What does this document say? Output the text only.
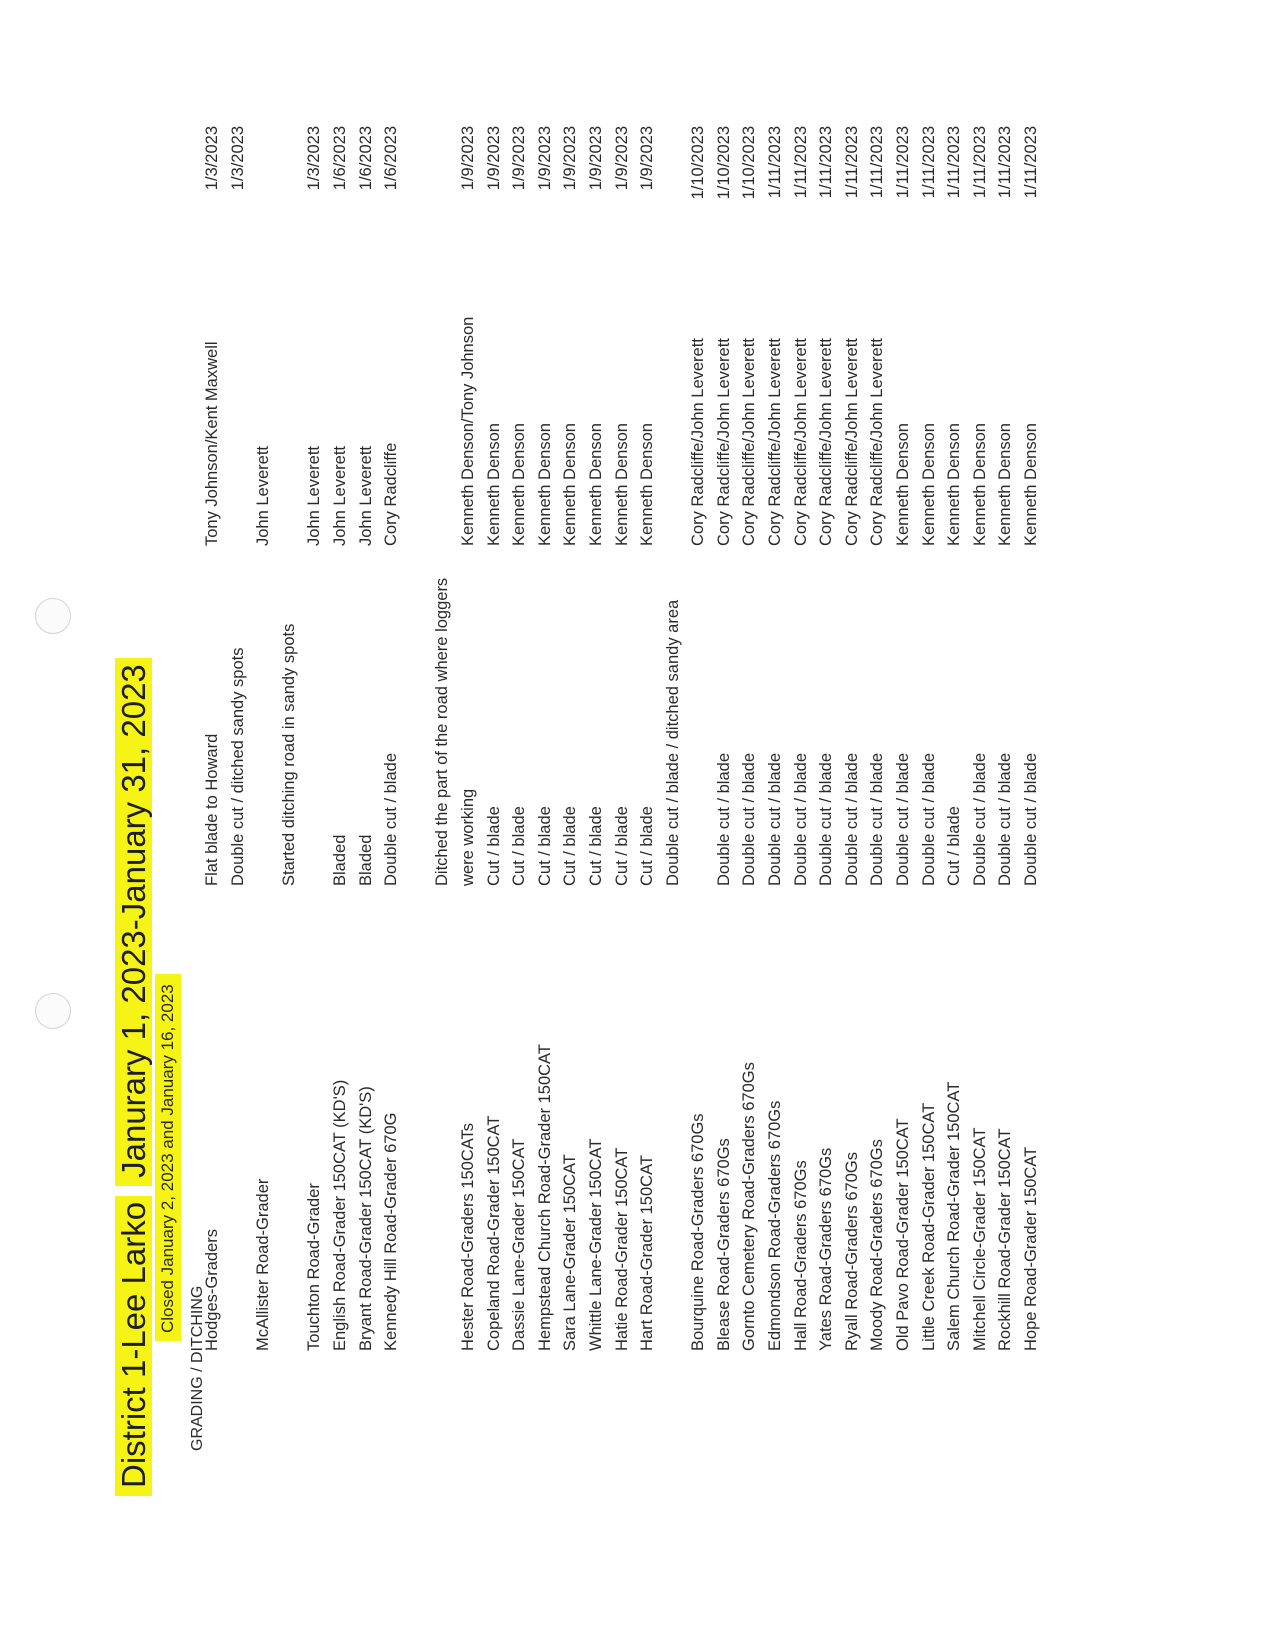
District 1-Lee LarkoJanurary 1, 2023-January 31, 2023 Closed January 2, 2023 and January 16, 2023
GRADING / DITCHING
Hodges-Graders
Flat blade to Howard
Tony Johnson/Kent Maxwell
1/3/2023
McAllister Road-Grader
Double cut / ditched sandy spots
John Leverett
1/3/2023
Touchton Road-Grader
Started ditching road in sandy spots
John Leverett
1/3/2023
English Road-Grader 150CAT (KD'S)
Bladed
John Leverett
1/6/2023
Bryant Road-Grader 150CAT (KD'S)
Bladed
John Leverett
1/6/2023
Kennedy Hill Road-Grader 670G
Double cut / blade
Cory Radcliffe
1/6/2023
Hester Road-Graders 150CATs
Ditched the part of the road where loggers were working
Kenneth Denson/Tony Johnson
1/9/2023
Copeland Road-Grader 150CAT
Cut / blade
Kenneth Denson
1/9/2023
Dassie Lane-Grader 150CAT
Cut / blade
Kenneth Denson
1/9/2023
Hempstead Church Road-Grader 150CAT
Cut / blade
Kenneth Denson
1/9/2023
Sara Lane-Grader 150CAT
Cut / blade
Kenneth Denson
1/9/2023
Whittle Lane-Grader 150CAT
Cut / blade
Kenneth Denson
1/9/2023
Hatie Road-Grader 150CAT
Cut / blade
Kenneth Denson
1/9/2023
Hart Road-Grader 150CAT
Cut / blade
Kenneth Denson
1/9/2023
Bourquine Road-Graders 670Gs
Double cut / blade / ditched sandy area
Cory Radcliffe/John Leverett
1/10/2023
Blease Road-Graders 670Gs
Double cut / blade
Cory Radcliffe/John Leverett
1/10/2023
Gornto Cemetery Road-Graders 670Gs
Double cut / blade
Cory Radcliffe/John Leverett
1/10/2023
Edmondson Road-Graders 670Gs
Double cut / blade
Cory Radcliffe/John Leverett
1/11/2023
Hall Road-Graders 670Gs
Double cut / blade
Cory Radcliffe/John Leverett
1/11/2023
Yates Road-Graders 670Gs
Double cut / blade
Cory Radcliffe/John Leverett
1/11/2023
Ryall Road-Graders 670Gs
Double cut / blade
Cory Radcliffe/John Leverett
1/11/2023
Moody Road-Graders 670Gs
Double cut / blade
Cory Radcliffe/John Leverett
1/11/2023
Old Pavo Road-Grader 150CAT
Double cut / blade
Kenneth Denson
1/11/2023
Little Creek Road-Grader 150CAT
Double cut / blade
Kenneth Denson
1/11/2023
Salem Church Road-Grader 150CAT
Cut / blade
Kenneth Denson
1/11/2023
Mitchell Circle-Grader 150CAT
Double cut / blade
Kenneth Denson
1/11/2023
Rockhill Road-Grader 150CAT
Double cut / blade
Kenneth Denson
1/11/2023
Hope Road-Grader 150CAT
Double cut / blade
Kenneth Denson
1/11/2023
